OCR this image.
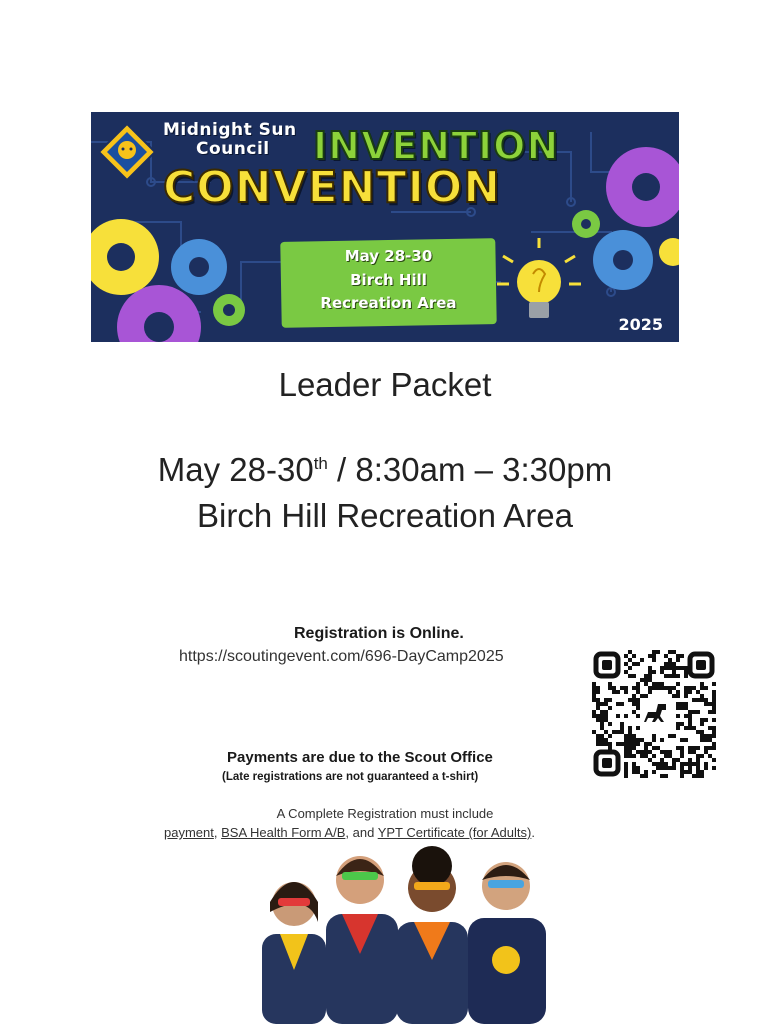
Midnight Sun
Council INVENTION
CONVENTION
May 28-30
Birch Hill
Recreation Area
2025
Leader Packet
May 28-30th / 8:30am – 3:30pm
Birch Hill Recreation Area
Registration is Online.
https://scoutingevent.com/696-DayCamp2025
Payments are due to the Scout Office
(Late registrations are not guaranteed a t-shirt)
A Complete Registration must include
payment, BSA Health Form A/B, and YPT Certificate (for Adults).
